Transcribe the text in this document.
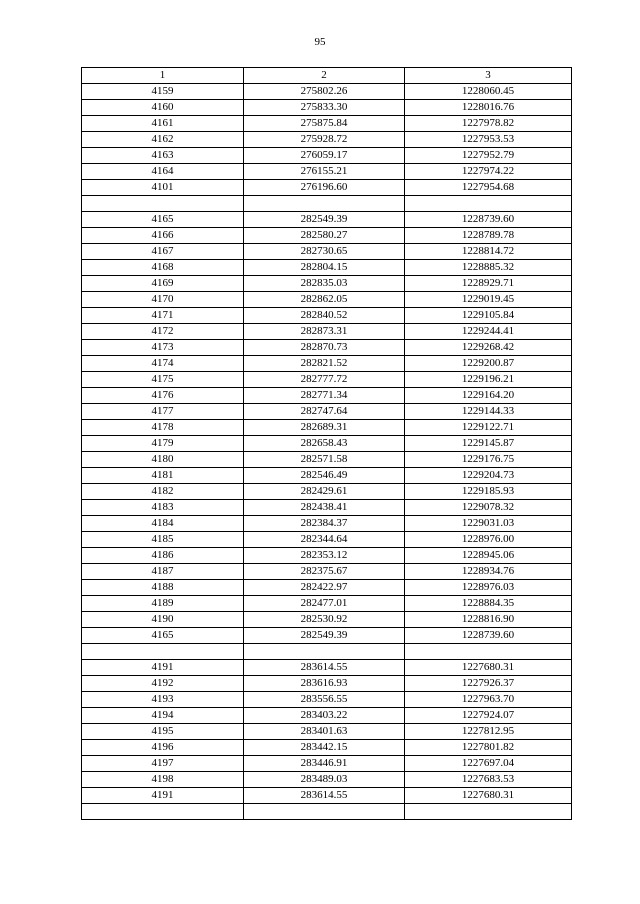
95
1	2	3
4159	275802.26	1228060.45
4160	275833.30	1228016.76
4161	275875.84	1227978.82
4162	275928.72	1227953.53
4163	276059.17	1227952.79
4164	276155.21	1227974.22
4101	276196.60	1227954.68

4165	282549.39	1228739.60
4166	282580.27	1228789.78
4167	282730.65	1228814.72
4168	282804.15	1228885.32
4169	282835.03	1228929.71
4170	282862.05	1229019.45
4171	282840.52	1229105.84
4172	282873.31	1229244.41
4173	282870.73	1229268.42
4174	282821.52	1229200.87
4175	282777.72	1229196.21
4176	282771.34	1229164.20
4177	282747.64	1229144.33
4178	282689.31	1229122.71
4179	282658.43	1229145.87
4180	282571.58	1229176.75
4181	282546.49	1229204.73
4182	282429.61	1229185.93
4183	282438.41	1229078.32
4184	282384.37	1229031.03
4185	282344.64	1228976.00
4186	282353.12	1228945.06
4187	282375.67	1228934.76
4188	282422.97	1228976.03
4189	282477.01	1228884.35
4190	282530.92	1228816.90
4165	282549.39	1228739.60

4191	283614.55	1227680.31
4192	283616.93	1227926.37
4193	283556.55	1227963.70
4194	283403.22	1227924.07
4195	283401.63	1227812.95
4196	283442.15	1227801.82
4197	283446.91	1227697.04
4198	283489.03	1227683.53
4191	283614.55	1227680.31
